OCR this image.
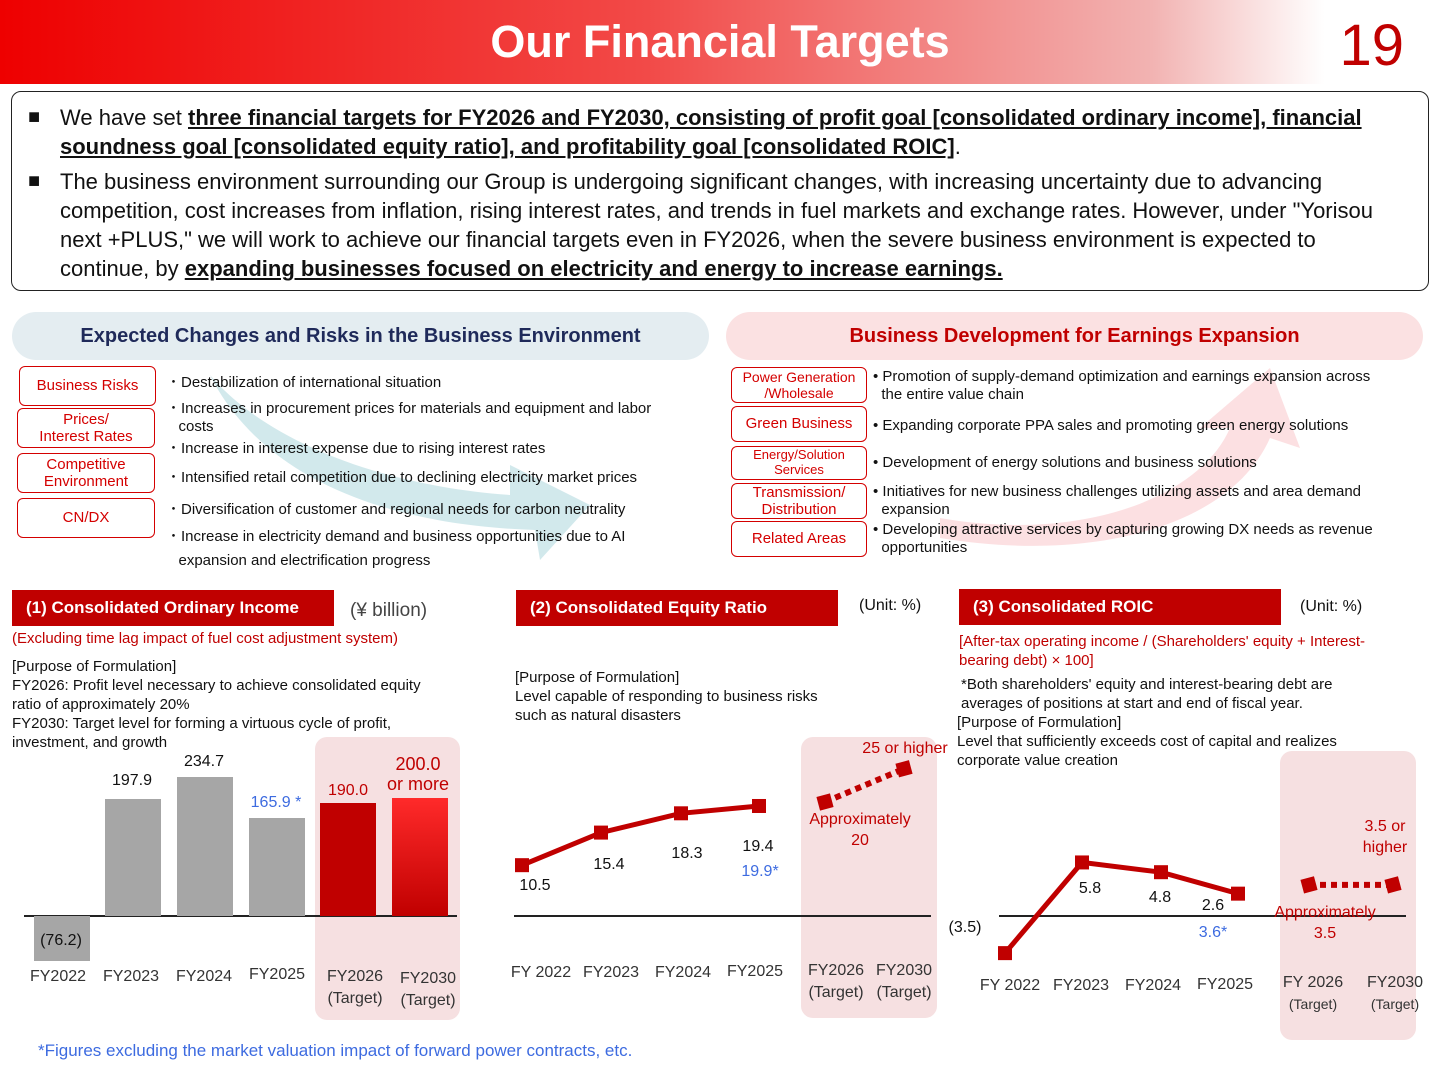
Our Financial Targets	19
■ We have set three financial targets for FY2026 and FY2030, consisting of profit goal [consolidated ordinary income], financial soundness goal [consolidated equity ratio], and profitability goal [consolidated ROIC].
■ The business environment surrounding our Group is undergoing significant changes, with increasing uncertainty due to advancing competition, cost increases from inflation, rising interest rates, and trends in fuel markets and exchange rates. However, under "Yorisou next +PLUS," we will work to achieve our financial targets even in FY2026, when the severe business environment is expected to continue, by expanding businesses focused on electricity and energy to increase earnings.
Expected Changes and Risks in the Business Environment	Business Development for Earnings Expansion
Business Risks
Prices/
Interest Rates
Competitive
Environment
CN/DX
・Destabilization of international situation
・Increases in procurement prices for materials and equipment and labor
costs
・Increase in interest expense due to rising interest rates
・Intensified retail competition due to declining electricity market prices
・Diversification of customer and regional needs for carbon neutrality
・Increase in electricity demand and business opportunities due to AI
expansion and electrification progress
Power Generation
/Wholesale
Green Business
Energy/Solution
Services
Transmission/
Distribution
Related Areas
• Promotion of supply-demand optimization and earnings expansion across
the entire value chain
• Expanding corporate PPA sales and promoting green energy solutions
• Development of energy solutions and business solutions
• Initiatives for new business challenges utilizing assets and area demand
expansion
• Developing attractive services by capturing growing DX needs as revenue
opportunities
(1) Consolidated Ordinary Income	(¥ billion)
(Excluding time lag impact of fuel cost adjustment system)
[Purpose of Formulation]
FY2026: Profit level necessary to achieve consolidated equity
ratio of approximately 20%
FY2030: Target level for forming a virtuous cycle of profit,
investment, and growth
(76.2)
197.9
234.7
165.9 *
190.0
200.0
or more
FY2022	FY2023	FY2024	FY2025	FY2026
(Target)
FY2030
(Target)
(2) Consolidated Equity Ratio	(Unit: %)
[Purpose of Formulation]
Level capable of responding to business risks
such as natural disasters
10.5
15.4
18.3	19.4
19.9*
Approximately
20
25 or higher
FY 2022 FY2023 FY2024 FY2025	FY2026
(Target)
FY2030
(Target)
(3) Consolidated ROIC	(Unit: %)
[After-tax operating income / (Shareholders' equity + Interest-
bearing debt) × 100]
*Both shareholders' equity and interest-bearing debt are
averages of positions at start and end of fiscal year.
[Purpose of Formulation]
Level that sufficiently exceeds cost of capital and realizes
corporate value creation
(3.5)
5.8
4.8	2.6
3.6*
Approximately
3.5
3.5 or
higher
FY 2022 FY2023 FY2024 FY2025	FY 2026	FY2030
(Target)	(Target)
*Figures excluding the market valuation impact of forward power contracts, etc.
